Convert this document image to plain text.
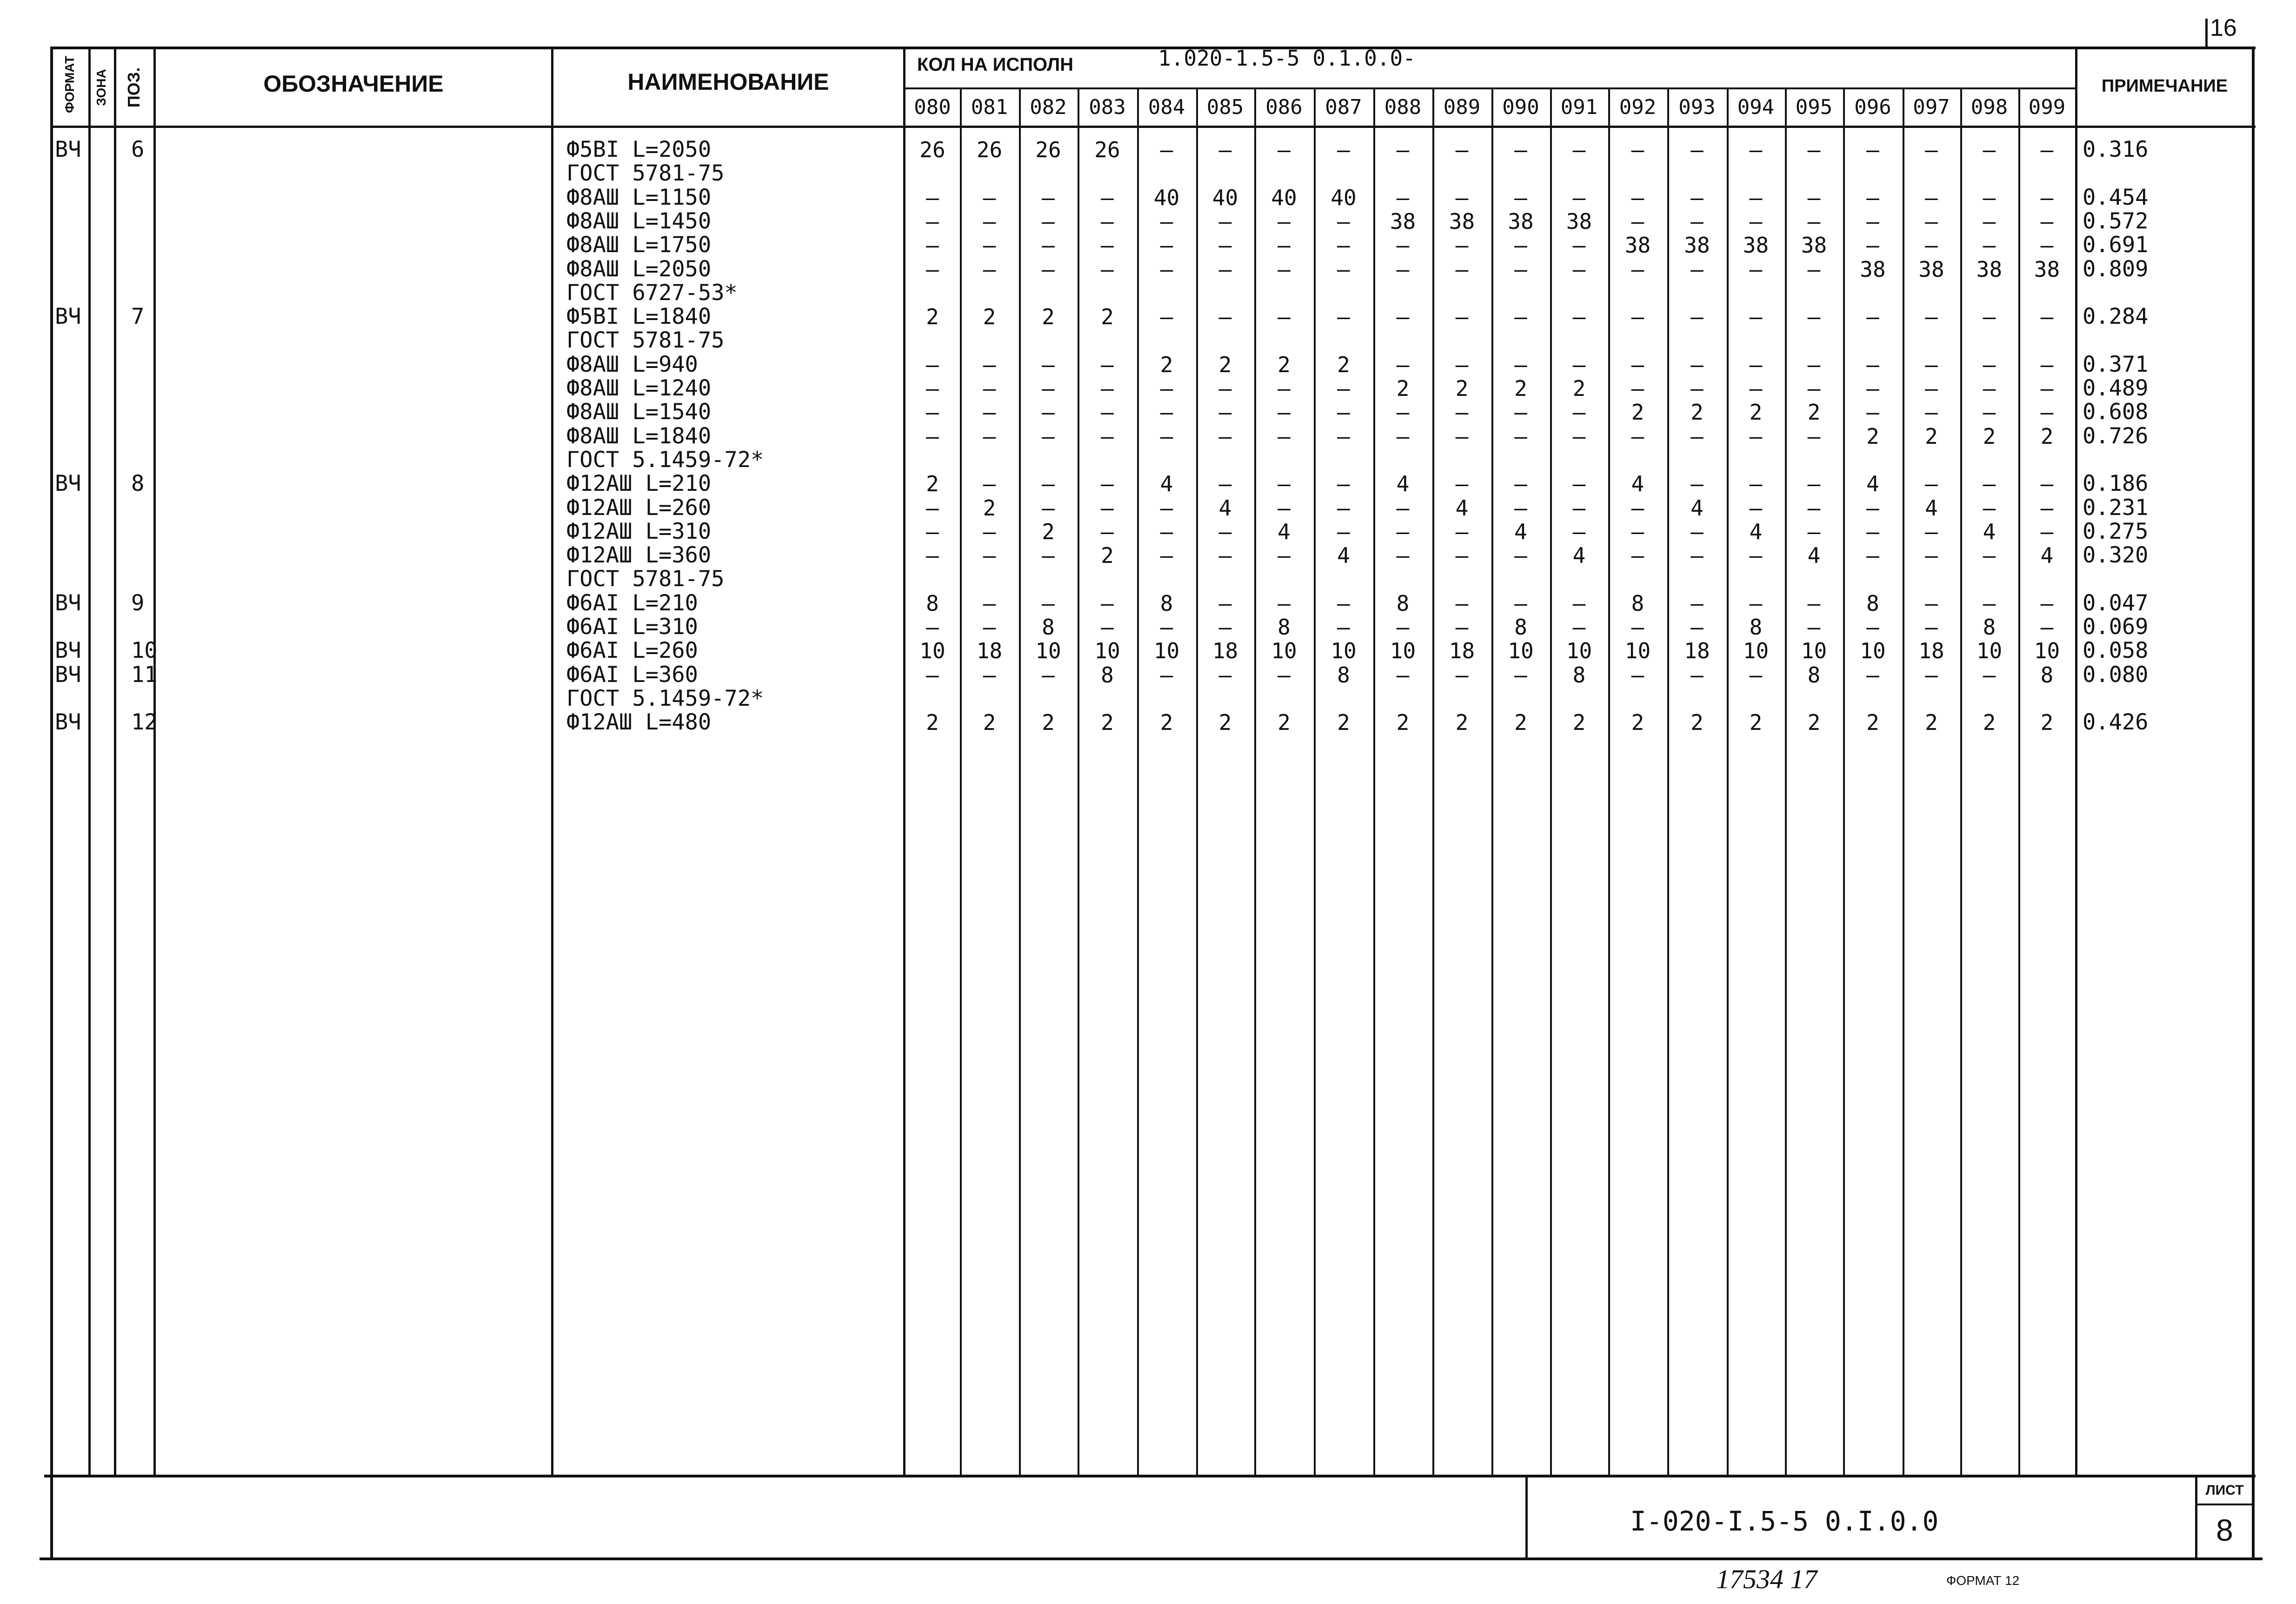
ФОРМАТ ЗОНА ПОЗ.	ОБОЗНАЧЕНИЕ	НАИМЕНОВАНИЕ
КОЛ НА ИСПОЛН	1.020-1.5-5 0.1.0.0-
ПРИМЕЧАНИЕ
080 081	082	083	084	085	086	087	088	089	090	091	092	093	094	095	096	097	098	099
ВЧ 6	Ф5ВI L=2050	26	26	26	26	–	–	–	–	–	–	–	–	–	–	–	–	–	–	–	–	0.316
ГОСТ 5781-75
Ф8АШ L=1150	–	–	–	–	40	40	40	40	–	–	–	–	–	–	–	–	–	–	–	–	0.454
Ф8АШ L=1450	–	–	–	–	–	–	–	–	38	38	38	38	–	–	–	–	–	–	–	–	0.572
Ф8АШ L=1750	–	–	–	–	–	–	–	–	–	–	–	–	38	38	38	38	–	–	–	–	0.691
Ф8АШ L=2050	–	–	–	–	–	–	–	–	–	–	–	–	–	–	–	–	38	38	38	38	0.809
ГОСТ 6727-53*
ВЧ 7	Ф5ВI L=1840	2	2	2	2	–	–	–	–	–	–	–	–	–	–	–	–	–	–	–	–	0.284
ГОСТ 5781-75
Ф8АШ L=940	–	–	–	–	2	2	2	2	–	–	–	–	–	–	–	–	–	–	–	–	0.371
Ф8АШ L=1240	–	–	–	–	–	–	–	–	2	2	2	2	–	–	–	–	–	–	–	–	0.489
Ф8АШ L=1540	–	–	–	–	–	–	–	–	–	–	–	–	2	2	2	2	–	–	–	–	0.608
Ф8АШ L=1840	–	–	–	–	–	–	–	–	–	–	–	–	–	–	–	–	2	2	2	2	0.726
ГОСТ 5.1459-72*
ВЧ 8	Ф12АШ L=210	2	–	–	–	4	–	–	–	4	–	–	–	4	–	–	–	4	–	–	–	0.186
Ф12АШ L=260	–	2	–	–	–	4	–	–	–	4	–	–	–	4	–	–	–	4	–	–	0.231
Ф12АШ L=310	–	–	2	–	–	–	4	–	–	–	4	–	–	–	4	–	–	–	4	–	0.275
Ф12АШ L=360	–	–	–	2	–	–	–	4	–	–	–	4	–	–	–	4	–	–	–	4	0.320
ГОСТ 5781-75
ВЧ 9	Ф6АI L=210	8	–	–	–	8	–	–	–	8	–	–	–	8	–	–	–	8	–	–	–	0.047
Ф6АI L=310	–	–	8	–	–	–	8	–	–	–	8	–	–	–	8	–	–	–	8	–	0.069
ВЧ 10	Ф6АI L=260	10	18	10	10	10	18	10	10	10	18	10	10	10	18	10	10	10	18	10	10	0.058
ВЧ 11	Ф6АI L=360	–	–	–	8	–	–	–	8	–	–	–	8	–	–	–	8	–	–	–	8	0.080
ГОСТ 5.1459-72*
ВЧ 12	Ф12АШ L=480	2	2	2	2	2	2	2	2	2	2	2	2	2	2	2	2	2	2	2	2	0.426
16
I-020-I.5-5 0.I.0.0
ЛИСТ
8
17534 17	ФОРМАТ 12
